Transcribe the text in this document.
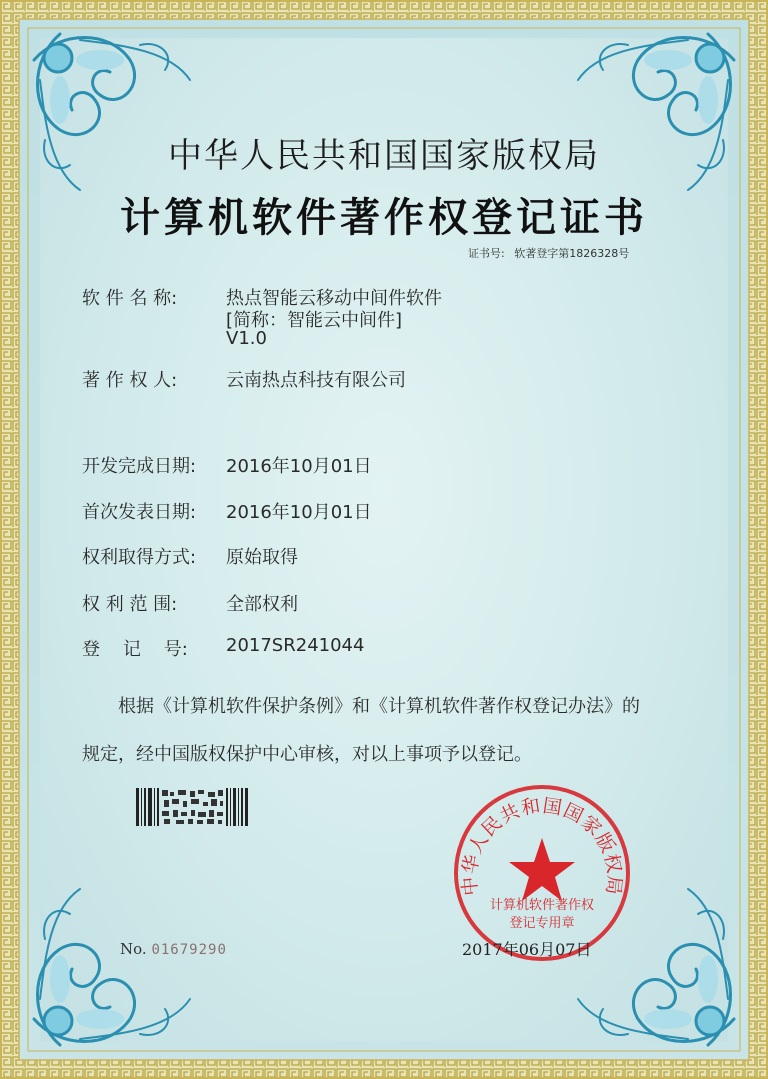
中华人民共和国国家版权局
计算机软件著作权登记证书
证书号: 软著登字第1826328号
软 件 名 称:	热点智能云移动中间件软件
[简称：智能云中间件]
V1.0
著 作 权 人:	云南热点科技有限公司
开发完成日期: 2016年10月01日
首次发表日期: 2016年10月01日
权利取得方式: 原始取得
权 利 范 围:	全部权利
登    记    号: 2017SR241044
根据《计算机软件保护条例》和《计算机软件著作权登记办法》的
规定，经中国版权保护中心审核，对以上事项予以登记。
中华人民共和国国家版权局
计算机软件著作权
登记专用章
No. 01679290	2017年06月07日
